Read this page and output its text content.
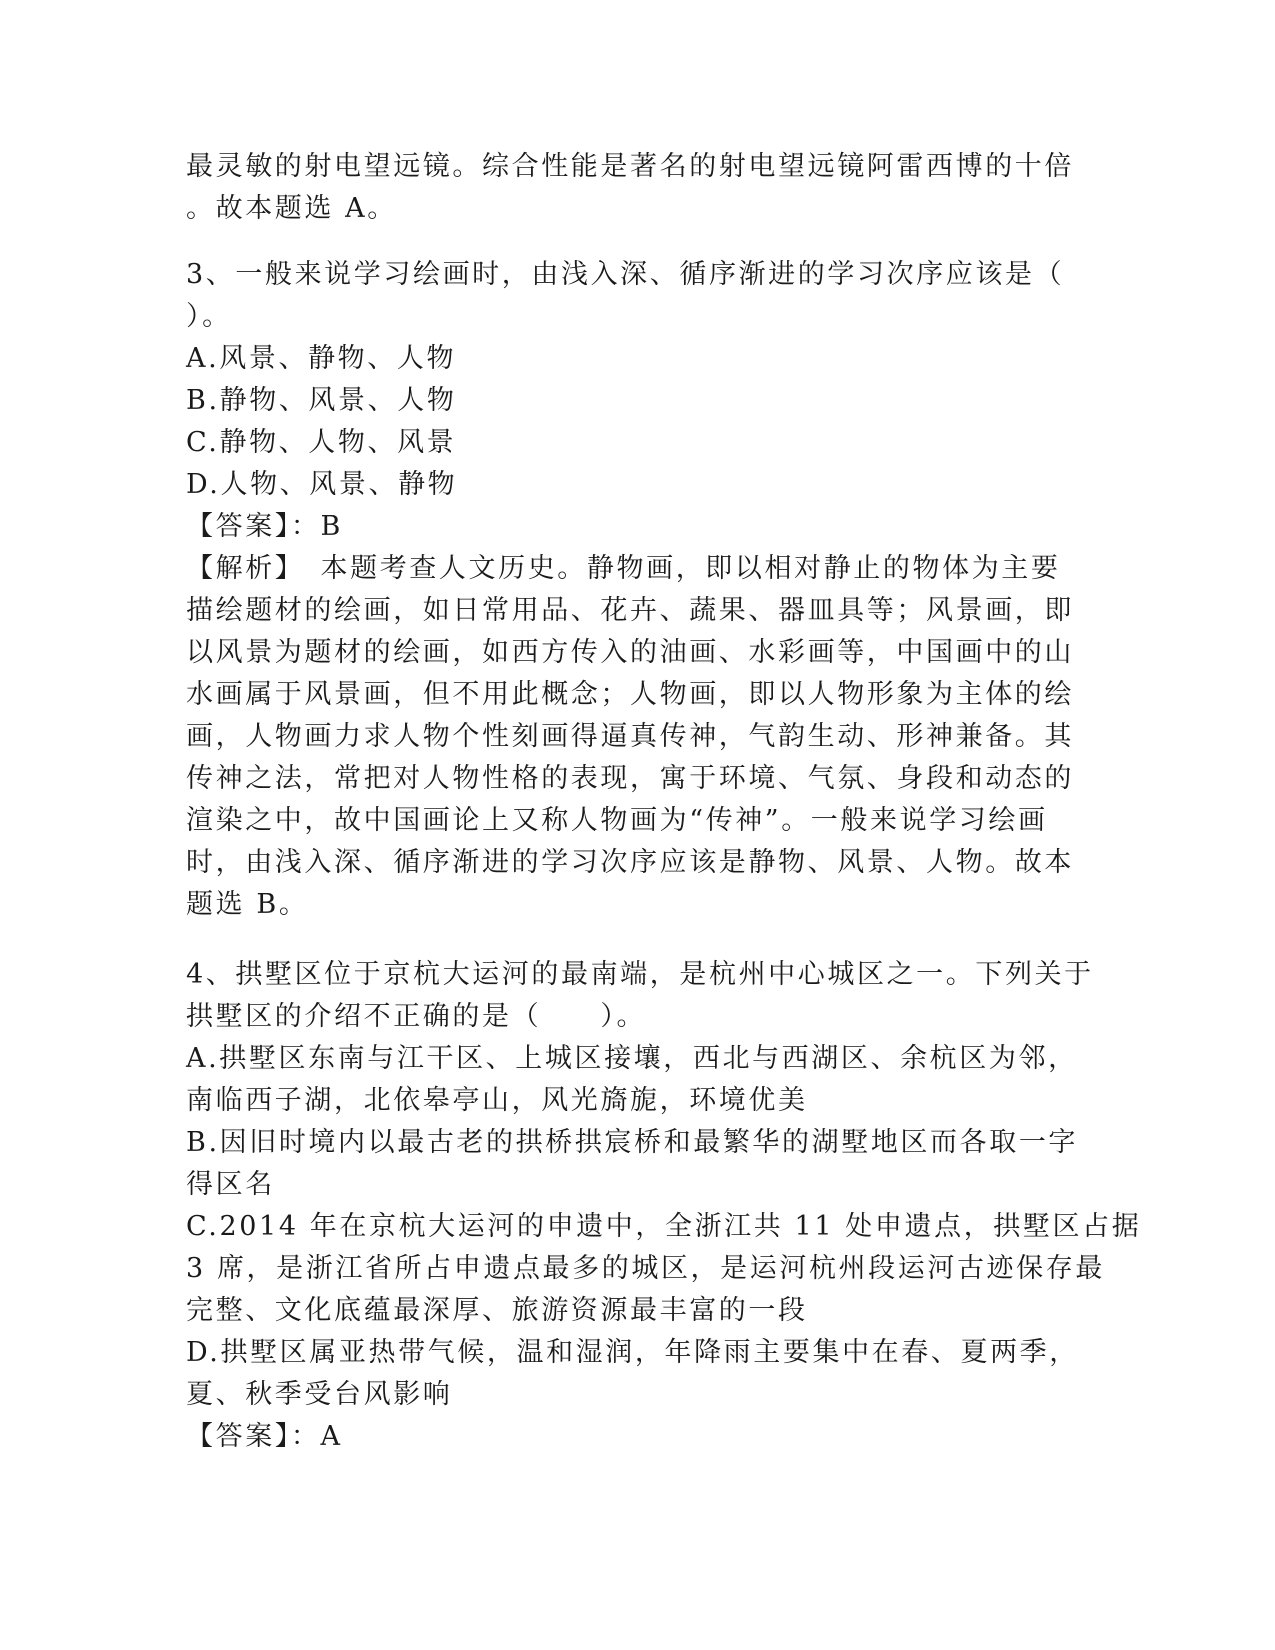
最灵敏的射电望远镜。综合性能是著名的射电望远镜阿雷西博的十倍
。故本题选 A。
3、一般来说学习绘画时，由浅入深、循序渐进的学习次序应该是（
）。
A.风景、静物、人物
B.静物、风景、人物
C.静物、人物、风景
D.人物、风景、静物
【答案】：B
【解析】　本题考查人文历史。静物画，即以相对静止的物体为主要
描绘题材的绘画，如日常用品、花卉、蔬果、器皿具等；风景画，即
以风景为题材的绘画，如西方传入的油画、水彩画等，中国画中的山
水画属于风景画，但不用此概念；人物画，即以人物形象为主体的绘
画，人物画力求人物个性刻画得逼真传神，气韵生动、形神兼备。其
传神之法，常把对人物性格的表现，寓于环境、气氛、身段和动态的
渲染之中，故中国画论上又称人物画为“传神”。一般来说学习绘画
时，由浅入深、循序渐进的学习次序应该是静物、风景、人物。故本
题选 B。
4、拱墅区位于京杭大运河的最南端，是杭州中心城区之一。下列关于
拱墅区的介绍不正确的是（　　）。
A.拱墅区东南与江干区、上城区接壤，西北与西湖区、余杭区为邻，
南临西子湖，北依皋亭山，风光旖旎，环境优美
B.因旧时境内以最古老的拱桥拱宸桥和最繁华的湖墅地区而各取一字
得区名
C.2014 年在京杭大运河的申遗中，全浙江共 11 处申遗点，拱墅区占据
3 席，是浙江省所占申遗点最多的城区，是运河杭州段运河古迹保存最
完整、文化底蕴最深厚、旅游资源最丰富的一段
D.拱墅区属亚热带气候，温和湿润，年降雨主要集中在春、夏两季，
夏、秋季受台风影响
【答案】：A
